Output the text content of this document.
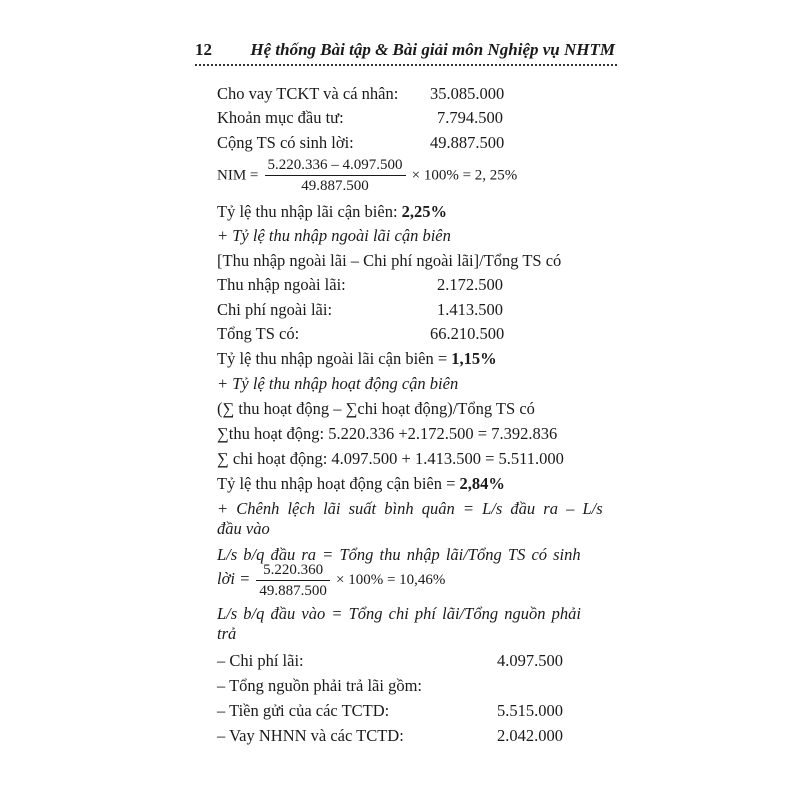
12 Hệ thống Bài tập & Bài giải môn Nghiệp vụ NHTM
Cho vay TCKT và cá nhân: 35.085.000
Khoản mục đầu tư:	7.794.500
Cộng TS có sinh lời:	49.887.500
NIM = $\frac{5.220.336 - 4.097.500}{49.887.500} \times 100\% = 2$, 25%
Tỷ lệ thu nhập lãi cận biên: 2,25%
+ Tỷ lệ thu nhập ngoài lãi cận biên
[Thu nhập ngoài lãi – Chi phí ngoài lãi]/Tổng TS có
Thu nhập ngoài lãi:	2.172.500
Chi phí ngoài lãi:	1.413.500
Tổng TS có:	66.210.500
Tỷ lệ thu nhập ngoài lãi cận biên = 1,15%
+ Tỷ lệ thu nhập hoạt động cận biên
(∑ thu hoạt động – ∑chi hoạt động)/Tổng TS có
∑thu hoạt động: 5.220.336 +2.172.500 = 7.392.836
∑ chi hoạt động: 4.097.500 + 1.413.500 = 5.511.000
Tỷ lệ thu nhập hoạt động cận biên = 2,84%
+ Chênh lệch lãi suất bình quân = L/s đầu ra – L/s
đầu vào
L/s b/q đầu ra = Tổng thu nhập lãi/Tổng TS có sinh
lời = $\frac{5.220.360}{49.887.500} \times 100\% = 10,46\%$
L/s b/q đầu vào = Tổng chi phí lãi/Tổng nguồn phải
trả
– Chi phí lãi:	4.097.500
– Tổng nguồn phải trả lãi gồm:
– Tiền gửi của các TCTD:	5.515.000
– Vay NHNN và các TCTD:	2.042.000
